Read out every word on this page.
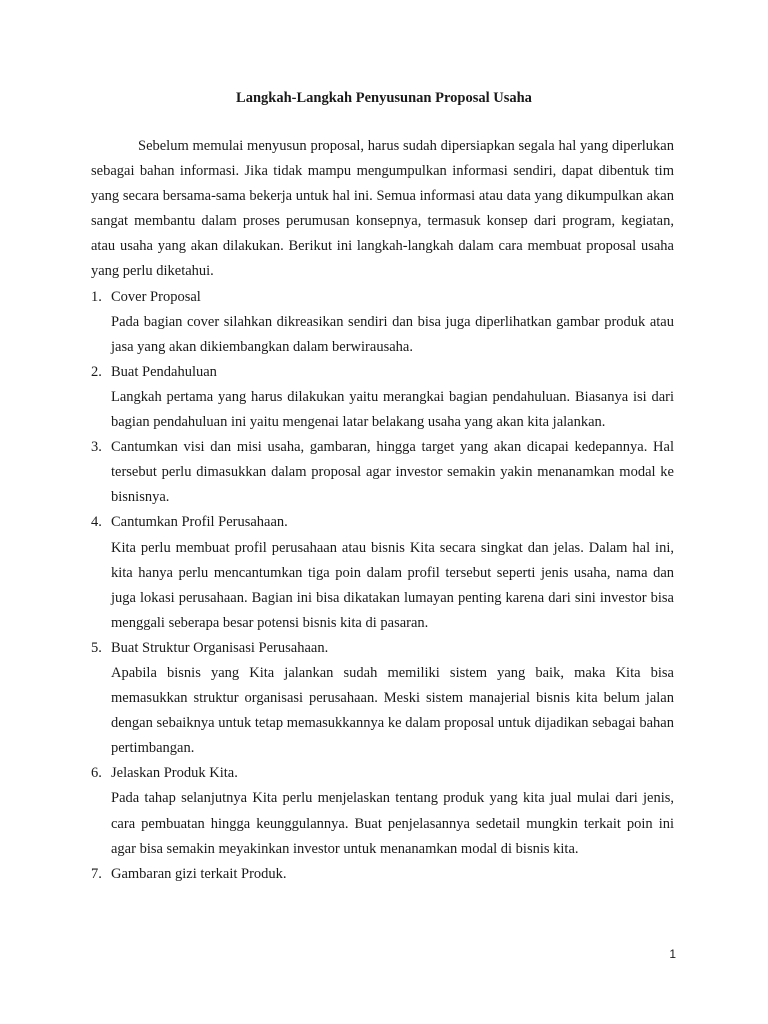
Langkah-Langkah Penyusunan Proposal Usaha

Sebelum memulai menyusun proposal, harus sudah dipersiapkan segala hal yang diperlukan sebagai bahan informasi. Jika tidak mampu mengumpulkan informasi sendiri, dapat dibentuk tim yang secara bersama-sama bekerja untuk hal ini. Semua informasi atau data yang dikumpulkan akan sangat membantu dalam proses perumusan konsepnya, termasuk konsep dari program, kegiatan, atau usaha yang akan dilakukan. Berikut ini langkah-langkah dalam cara membuat proposal usaha yang perlu diketahui.

1. Cover Proposal
Pada bagian cover silahkan dikreasikan sendiri dan bisa juga diperlihatkan gambar produk atau jasa yang akan dikiembangkan dalam berwirausaha.
2. Buat Pendahuluan
Langkah pertama yang harus dilakukan yaitu merangkai bagian pendahuluan. Biasanya isi dari bagian pendahuluan ini yaitu mengenai latar belakang usaha yang akan kita jalankan.
3. Cantumkan visi dan misi usaha, gambaran, hingga target yang akan dicapai kedepannya. Hal tersebut perlu dimasukkan dalam proposal agar investor semakin yakin menanamkan modal ke bisnisnya.
4. Cantumkan Profil Perusahaan.
Kita perlu membuat profil perusahaan atau bisnis Kita secara singkat dan jelas. Dalam hal ini, kita hanya perlu mencantumkan tiga poin dalam profil tersebut seperti jenis usaha, nama dan juga lokasi perusahaan. Bagian ini bisa dikatakan lumayan penting karena dari sini investor bisa menggali seberapa besar potensi bisnis kita di pasaran.
5. Buat Struktur Organisasi Perusahaan.
Apabila bisnis yang Kita jalankan sudah memiliki sistem yang baik, maka Kita bisa memasukkan struktur organisasi perusahaan. Meski sistem manajerial bisnis kita belum jalan dengan sebaiknya untuk tetap memasukkannya ke dalam proposal untuk dijadikan sebagai bahan pertimbangan.
6. Jelaskan Produk Kita.
Pada tahap selanjutnya Kita perlu menjelaskan tentang produk yang kita jual mulai dari jenis, cara pembuatan hingga keunggulannya. Buat penjelasannya sedetail mungkin terkait poin ini agar bisa semakin meyakinkan investor untuk menanamkan modal di bisnis kita.
7. Gambaran gizi terkait Produk.
1
